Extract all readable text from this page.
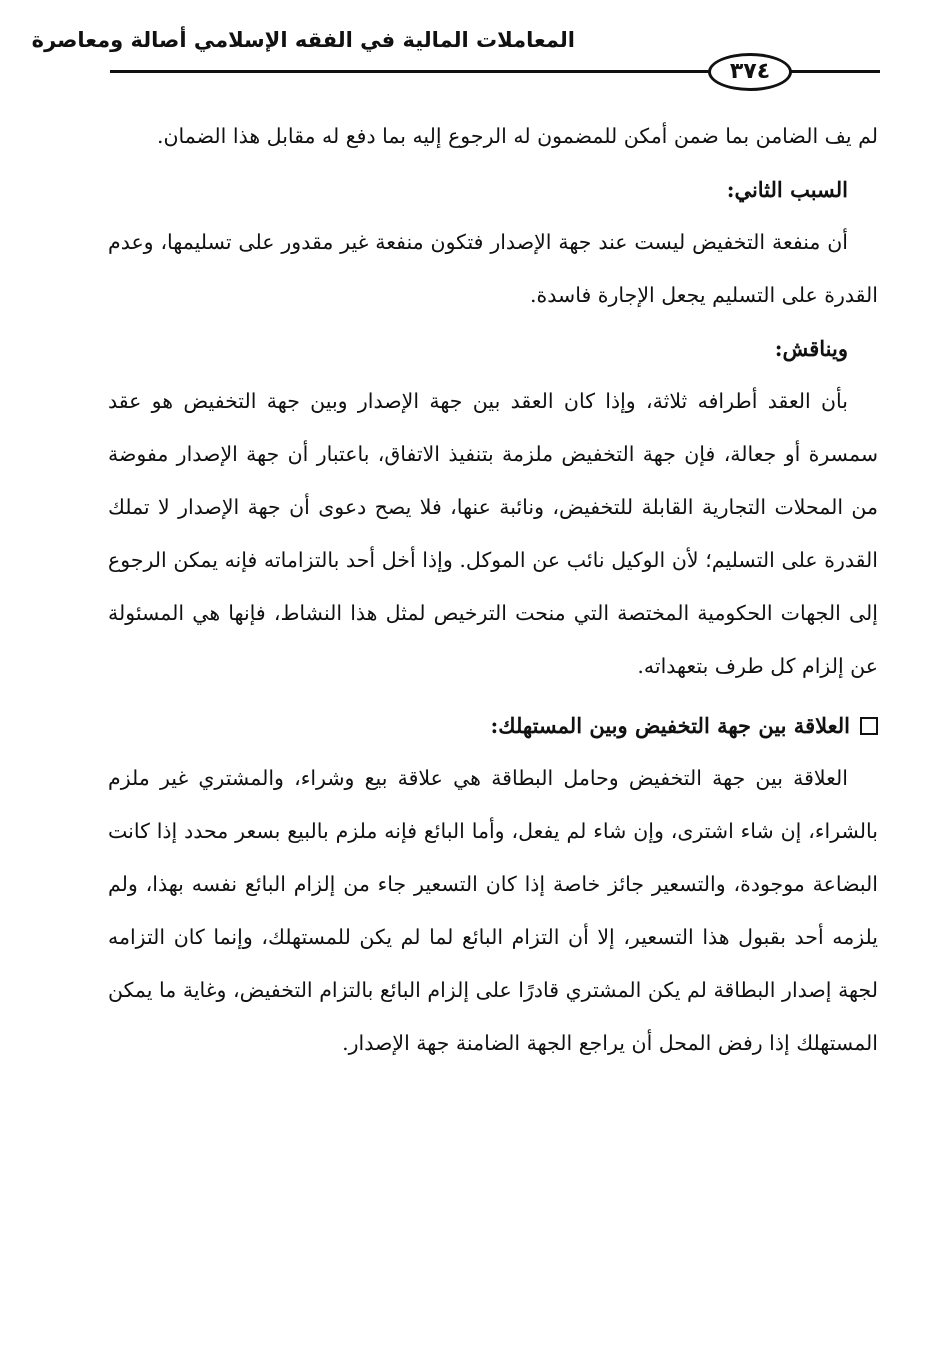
المعاملات المالية في الفقه الإسلامي أصالة ومعاصرة
٣٧٤

لم يف الضامن بما ضمن أمكن للمضمون له الرجوع إليه بما دفع له مقابل هذا الضمان.

السبب الثاني:

أن منفعة التخفيض ليست عند جهة الإصدار فتكون منفعة غير مقدور على تسليمها، وعدم القدرة على التسليم يجعل الإجارة فاسدة.

ويناقش:

بأن العقد أطرافه ثلاثة، وإذا كان العقد بين جهة الإصدار وبين جهة التخفيض هو عقد سمسرة أو جعالة، فإن جهة التخفيض ملزمة بتنفيذ الاتفاق، باعتبار أن جهة الإصدار مفوضة من المحلات التجارية القابلة للتخفيض، ونائبة عنها، فلا يصح دعوى أن جهة الإصدار لا تملك القدرة على التسليم؛ لأن الوكيل نائب عن الموكل. وإذا أخل أحد بالتزاماته فإنه يمكن الرجوع إلى الجهات الحكومية المختصة التي منحت الترخيص لمثل هذا النشاط، فإنها هي المسئولة عن إلزام كل طرف بتعهداته.

العلاقة بين جهة التخفيض وبين المستهلك:

العلاقة بين جهة التخفيض وحامل البطاقة هي علاقة بيع وشراء، والمشتري غير ملزم بالشراء، إن شاء اشترى، وإن شاء لم يفعل، وأما البائع فإنه ملزم بالبيع بسعر محدد إذا كانت البضاعة موجودة، والتسعير جائز خاصة إذا كان التسعير جاء من إلزام البائع نفسه بهذا، ولم يلزمه أحد بقبول هذا التسعير، إلا أن التزام البائع لما لم يكن للمستهلك، وإنما كان التزامه لجهة إصدار البطاقة لم يكن المشتري قادرًا على إلزام البائع بالتزام التخفيض، وغاية ما يمكن المستهلك إذا رفض المحل أن يراجع الجهة الضامنة جهة الإصدار.
